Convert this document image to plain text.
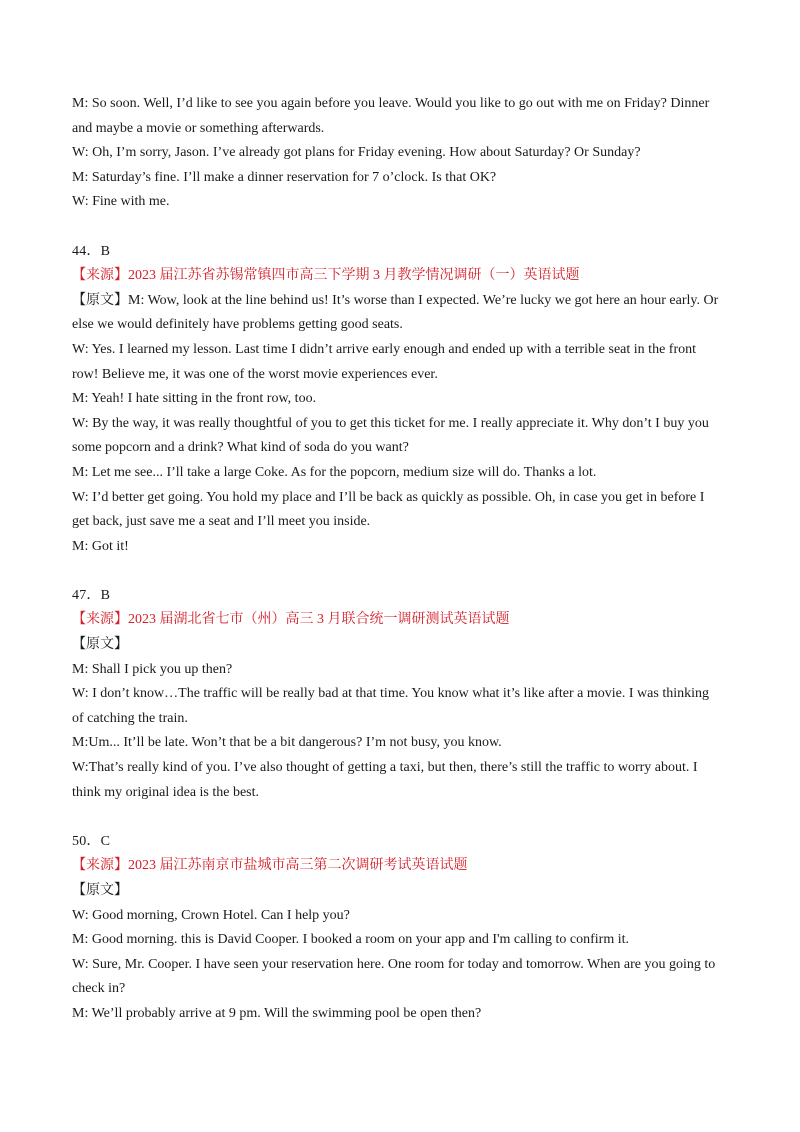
M: So soon. Well, I’d like to see you again before you leave. Would you like to go out with me on Friday? Dinner

and maybe a movie or something afterwards.

W: Oh, I’m sorry, Jason. I’ve already got plans for Friday evening. How about Saturday? Or Sunday?

M: Saturday’s fine. I’ll make a dinner reservation for 7 o’clock. Is that OK?

W: Fine with me.

44．B

【来源】2023 届江苏省苏锡常镇四市高三下学期 3 月教学情况调研（一）英语试题

【原文】M: Wow, look at the line behind us! It’s worse than I expected. We’re lucky we got here an hour early. Or

else we would definitely have problems getting good seats.

W: Yes. I learned my lesson. Last time I didn’t arrive early enough and ended up with a terrible seat in the front

row! Believe me, it was one of the worst movie experiences ever.

M: Yeah! I hate sitting in the front row, too.

W: By the way, it was really thoughtful of you to get this ticket for me. I really appreciate it. Why don’t I buy you

some popcorn and a drink? What kind of soda do you want?

M: Let me see... I’ll take a large Coke. As for the popcorn, medium size will do. Thanks a lot.

W: I’d better get going. You hold my place and I’ll be back as quickly as possible. Oh, in case you get in before I

get back, just save me a seat and I’ll meet you inside.

M: Got it!

47．B

【来源】2023 届湖北省七市（州）高三 3 月联合统一调研测试英语试题

【原文】

M: Shall I pick you up then?

W: I don’t know…The traffic will be really bad at that time. You know what it’s like after a movie. I was thinking

of catching the train.

M:Um... It’ll be late. Won’t that be a bit dangerous? I’m not busy, you know.

W:That’s really kind of you. I’ve also thought of getting a taxi, but then, there’s still the traffic to worry about. I

think my original idea is the best.

50．C

【来源】2023 届江苏南京市盐城市高三第二次调研考试英语试题

【原文】

W: Good morning, Crown Hotel. Can I help you?

M: Good morning. this is David Cooper. I booked a room on your app and I'm calling to confirm it.

W: Sure, Mr. Cooper. I have seen your reservation here. One room for today and tomorrow. When are you going to

check in?

M: We’ll probably arrive at 9 pm. Will the swimming pool be open then?
